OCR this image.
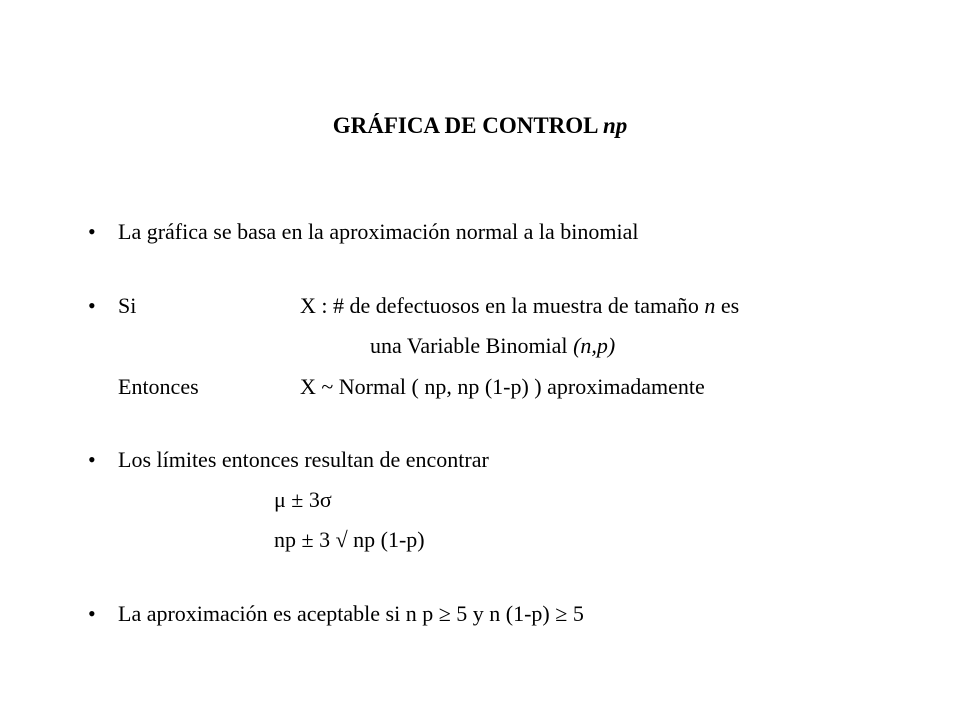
GRÁFICA DE CONTROL np
• La gráfica se basa en la aproximación normal a la binomial
• Si	X : # de defectuosos en la muestra de tamaño n es
una Variable Binomial (n,p)
Entonces	X ~ Normal ( np, np (1-p) ) aproximadamente
• Los límites entonces resultan de encontrar
μ ± 3σ
np ± 3 √ np (1-p)
• La aproximación es aceptable si n p ≥ 5 y n (1-p) ≥ 5
